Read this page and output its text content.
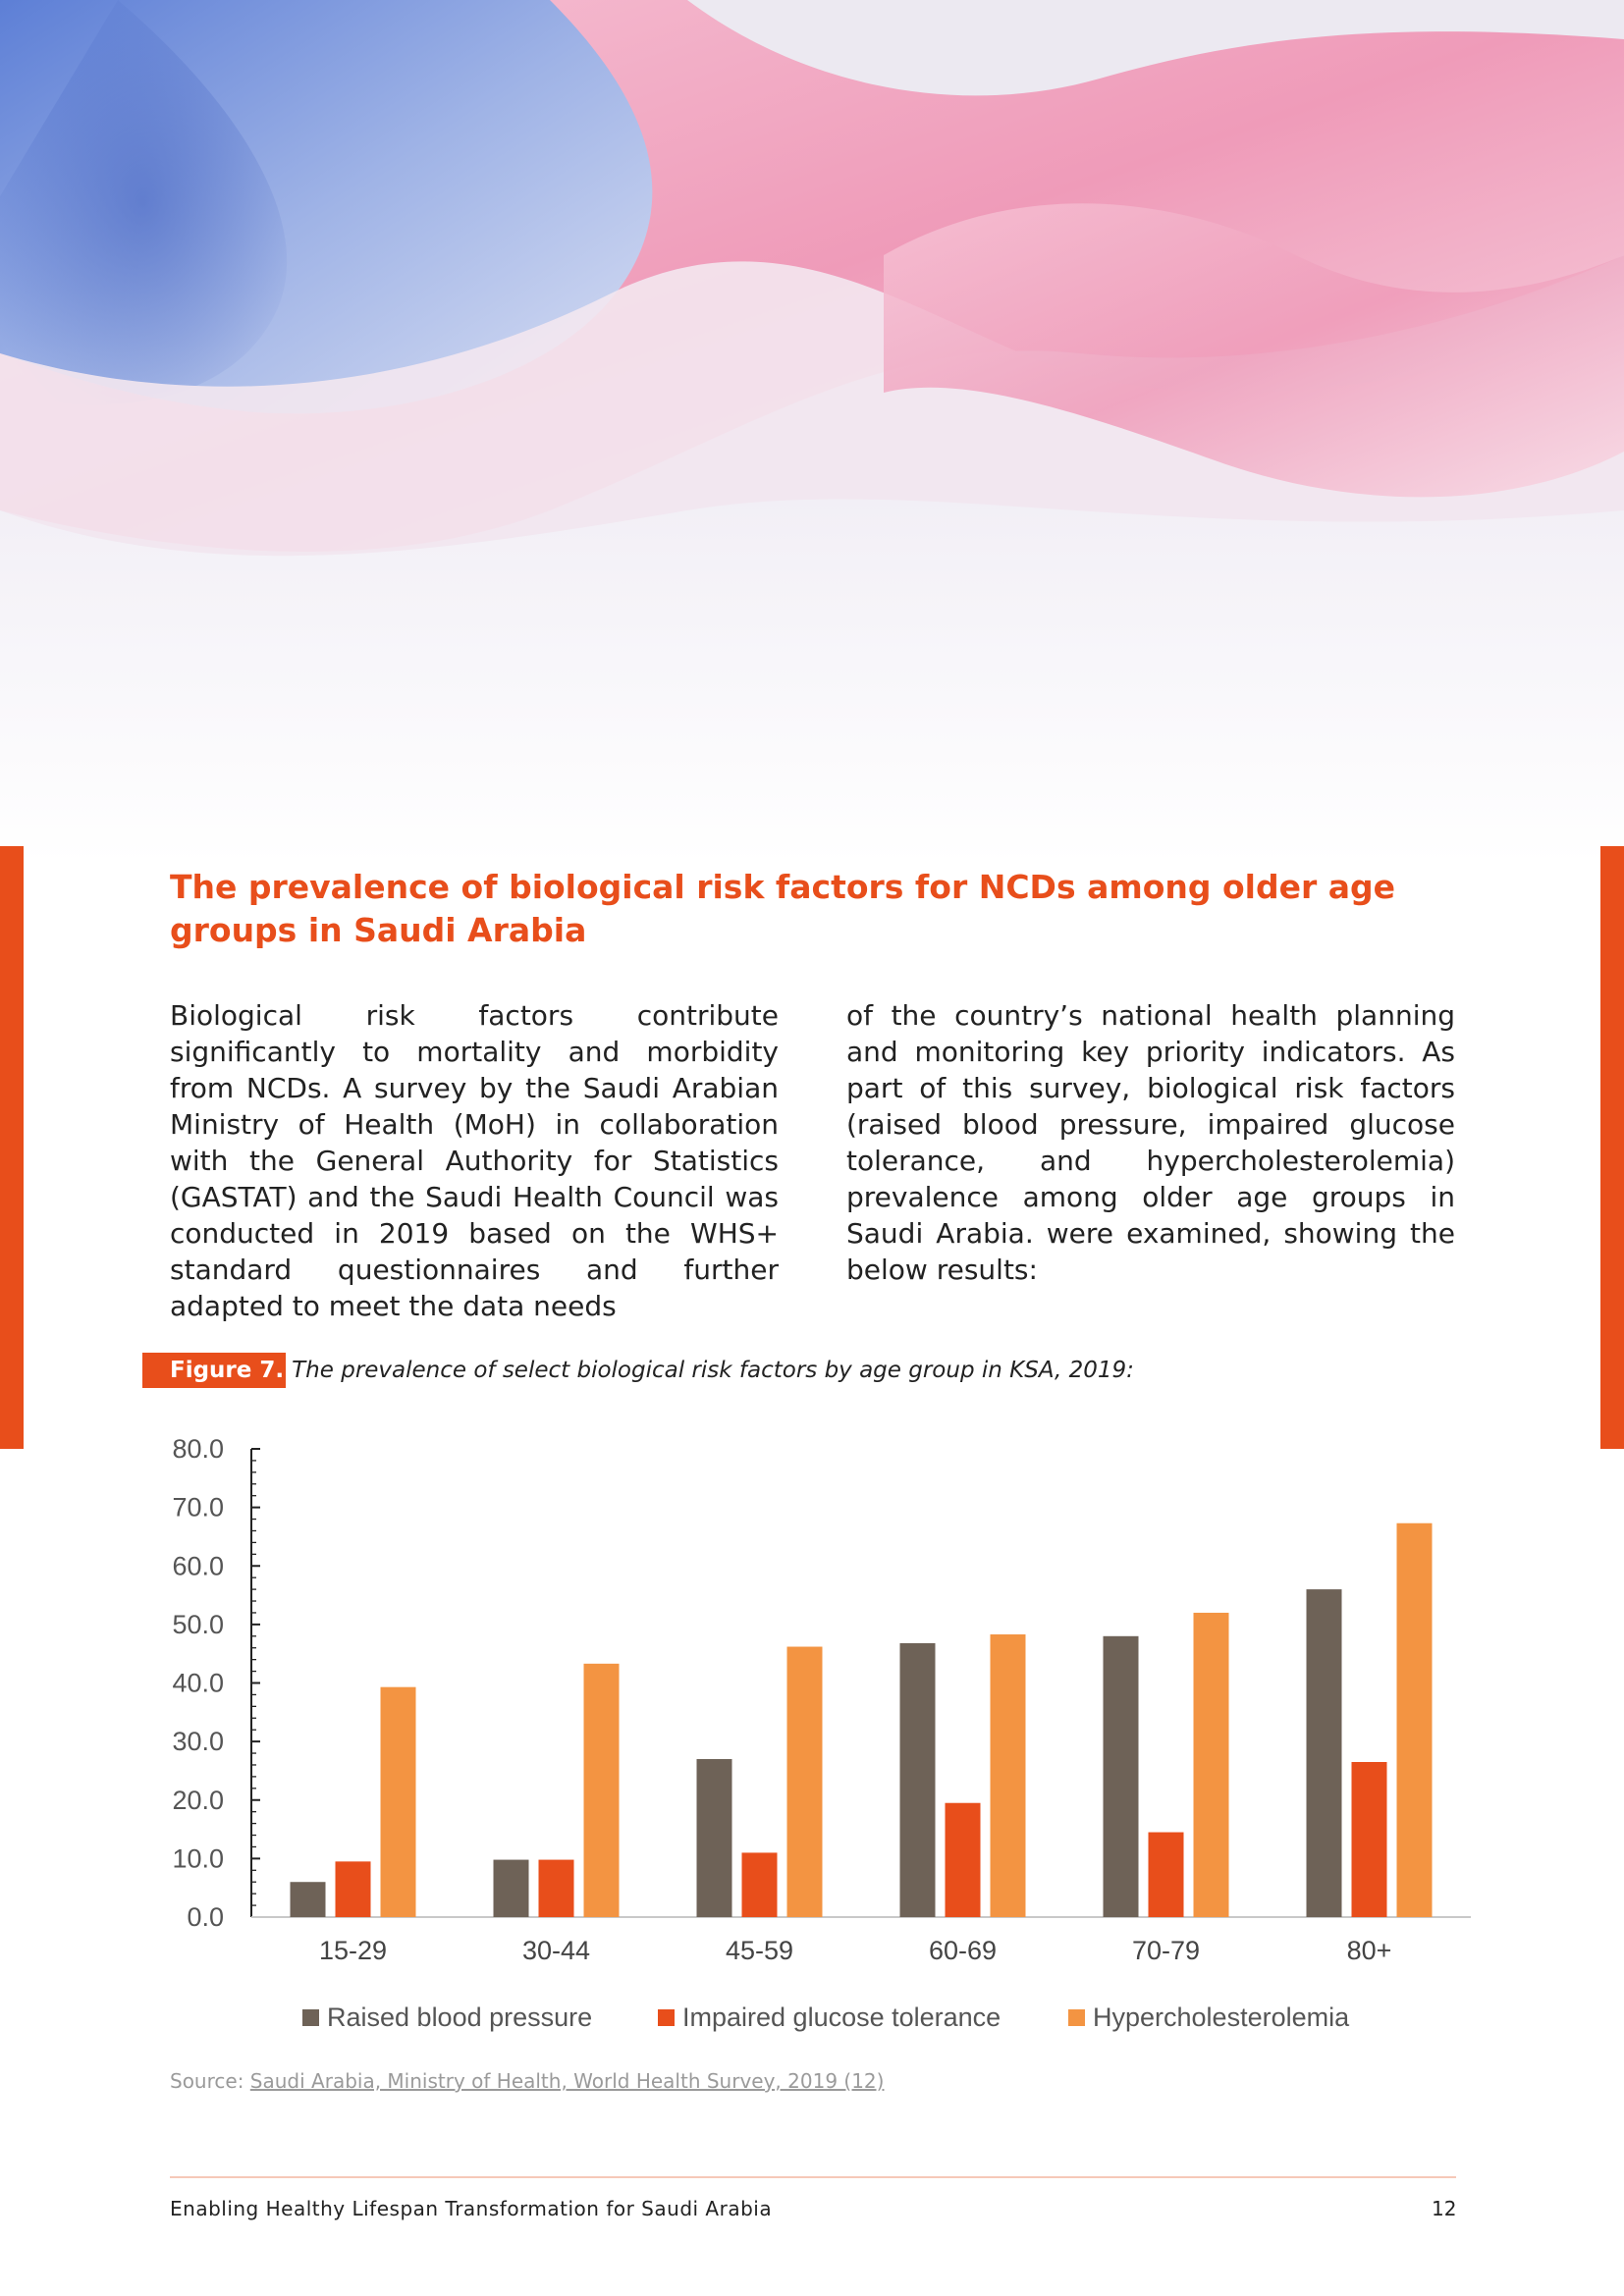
The prevalence of biological risk factors for NCDs among older age groups in Saudi Arabia

Biological risk factors contribute significantly to mortality and morbidity from NCDs. A survey by the Saudi Arabian Ministry of Health (MoH) in collaboration with the General Authority for Statistics (GASTAT) and the Saudi Health Council was conducted in 2019 based on the WHS+ standard questionnaires and further adapted to meet the data needs

of the country’s national health planning and monitoring key priority indicators. As part of this survey, biological risk factors (raised blood pressure, impaired glucose tolerance, and hypercholesterolemia) prevalence among older age groups in Saudi Arabia. were examined, showing the below results:

Figure 7. The prevalence of select biological risk factors by age group in KSA, 2019:
0.0
10.0
20.0
30.0
40.0
50.0
60.0
70.0
80.0
15-29	30-44	45-59	60-69	70-79	80+
Raised blood pressure	Impaired glucose tolerance	Hypercholesterolemia
Source: Saudi Arabia, Ministry of Health, World Health Survey, 2019 (12)
Enabling Healthy Lifespan Transformation for Saudi Arabia	12
